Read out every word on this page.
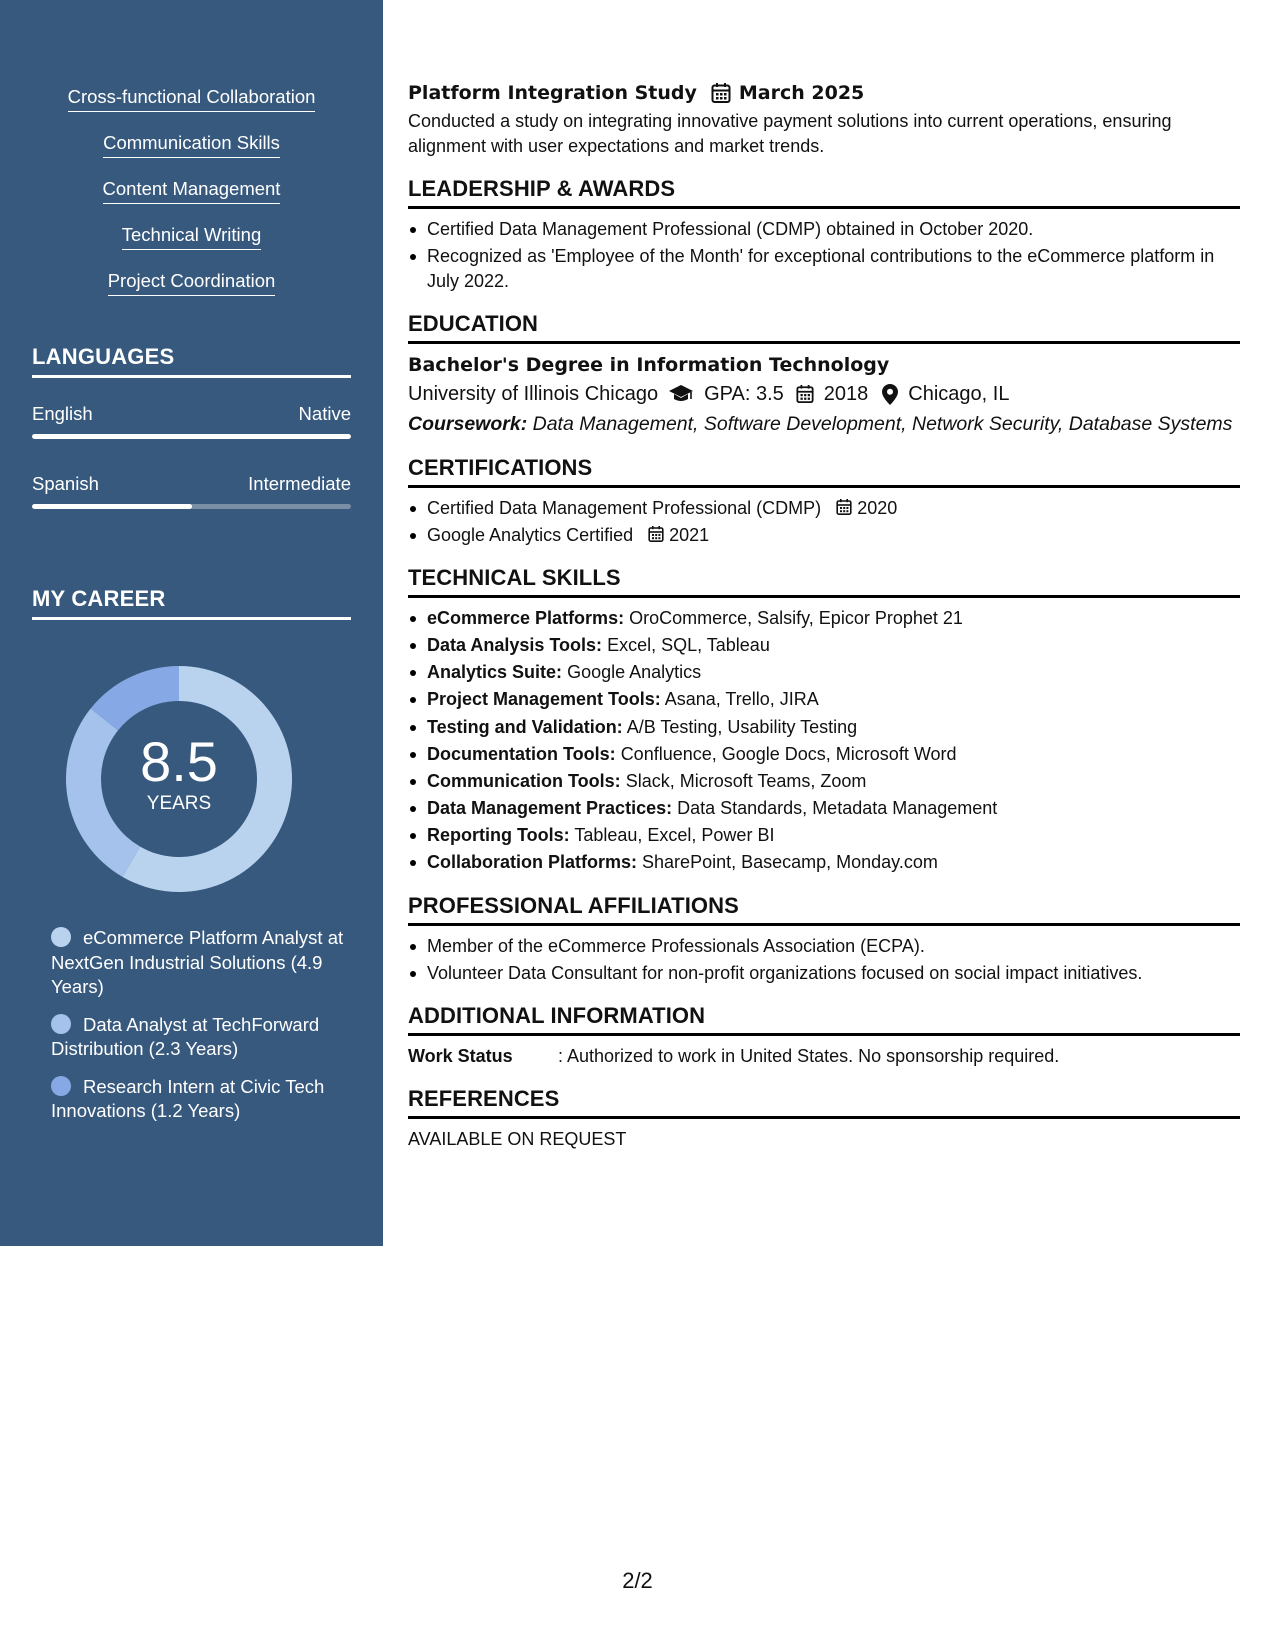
Cross-functional Collaboration
Communication Skills
Content Management
Technical Writing
Project Coordination
LANGUAGES
English	Native
Spanish	Intermediate
MY CAREER
8.5
YEARS
eCommerce Platform Analyst at NextGen Industrial Solutions (4.9 Years)
Data Analyst at TechForward Distribution (2.3 Years)
Research Intern at Civic Tech Innovations (1.2 Years)
Platform Integration Study March 2025

Conducted a study on integrating innovative payment solutions into current operations, ensuring alignment with user expectations and market trends.

LEADERSHIP & AWARDS
Certified Data Management Professional (CDMP) obtained in October 2020.
Recognized as 'Employee of the Month' for exceptional contributions to the eCommerce platform in July 2022.
EDUCATION
Bachelor's Degree in Information Technology
University of Illinois Chicago GPA: 3.5 2018 Chicago, IL
Coursework: Data Management, Software Development, Network Security, Database Systems
CERTIFICATIONS
Certified Data Management Professional (CDMP) 2020
Google Analytics Certified 2021
TECHNICAL SKILLS
eCommerce Platforms: OroCommerce, Salsify, Epicor Prophet 21
Data Analysis Tools: Excel, SQL, Tableau
Analytics Suite: Google Analytics
Project Management Tools: Asana, Trello, JIRA
Testing and Validation: A/B Testing, Usability Testing
Documentation Tools: Confluence, Google Docs, Microsoft Word
Communication Tools: Slack, Microsoft Teams, Zoom
Data Management Practices: Data Standards, Metadata Management
Reporting Tools: Tableau, Excel, Power BI
Collaboration Platforms: SharePoint, Basecamp, Monday.com
PROFESSIONAL AFFILIATIONS
Member of the eCommerce Professionals Association (ECPA).
Volunteer Data Consultant for non-profit organizations focused on social impact initiatives.
ADDITIONAL INFORMATION
Work Status	: Authorized to work in United States. No sponsorship required.
REFERENCES
AVAILABLE ON REQUEST
2/2
